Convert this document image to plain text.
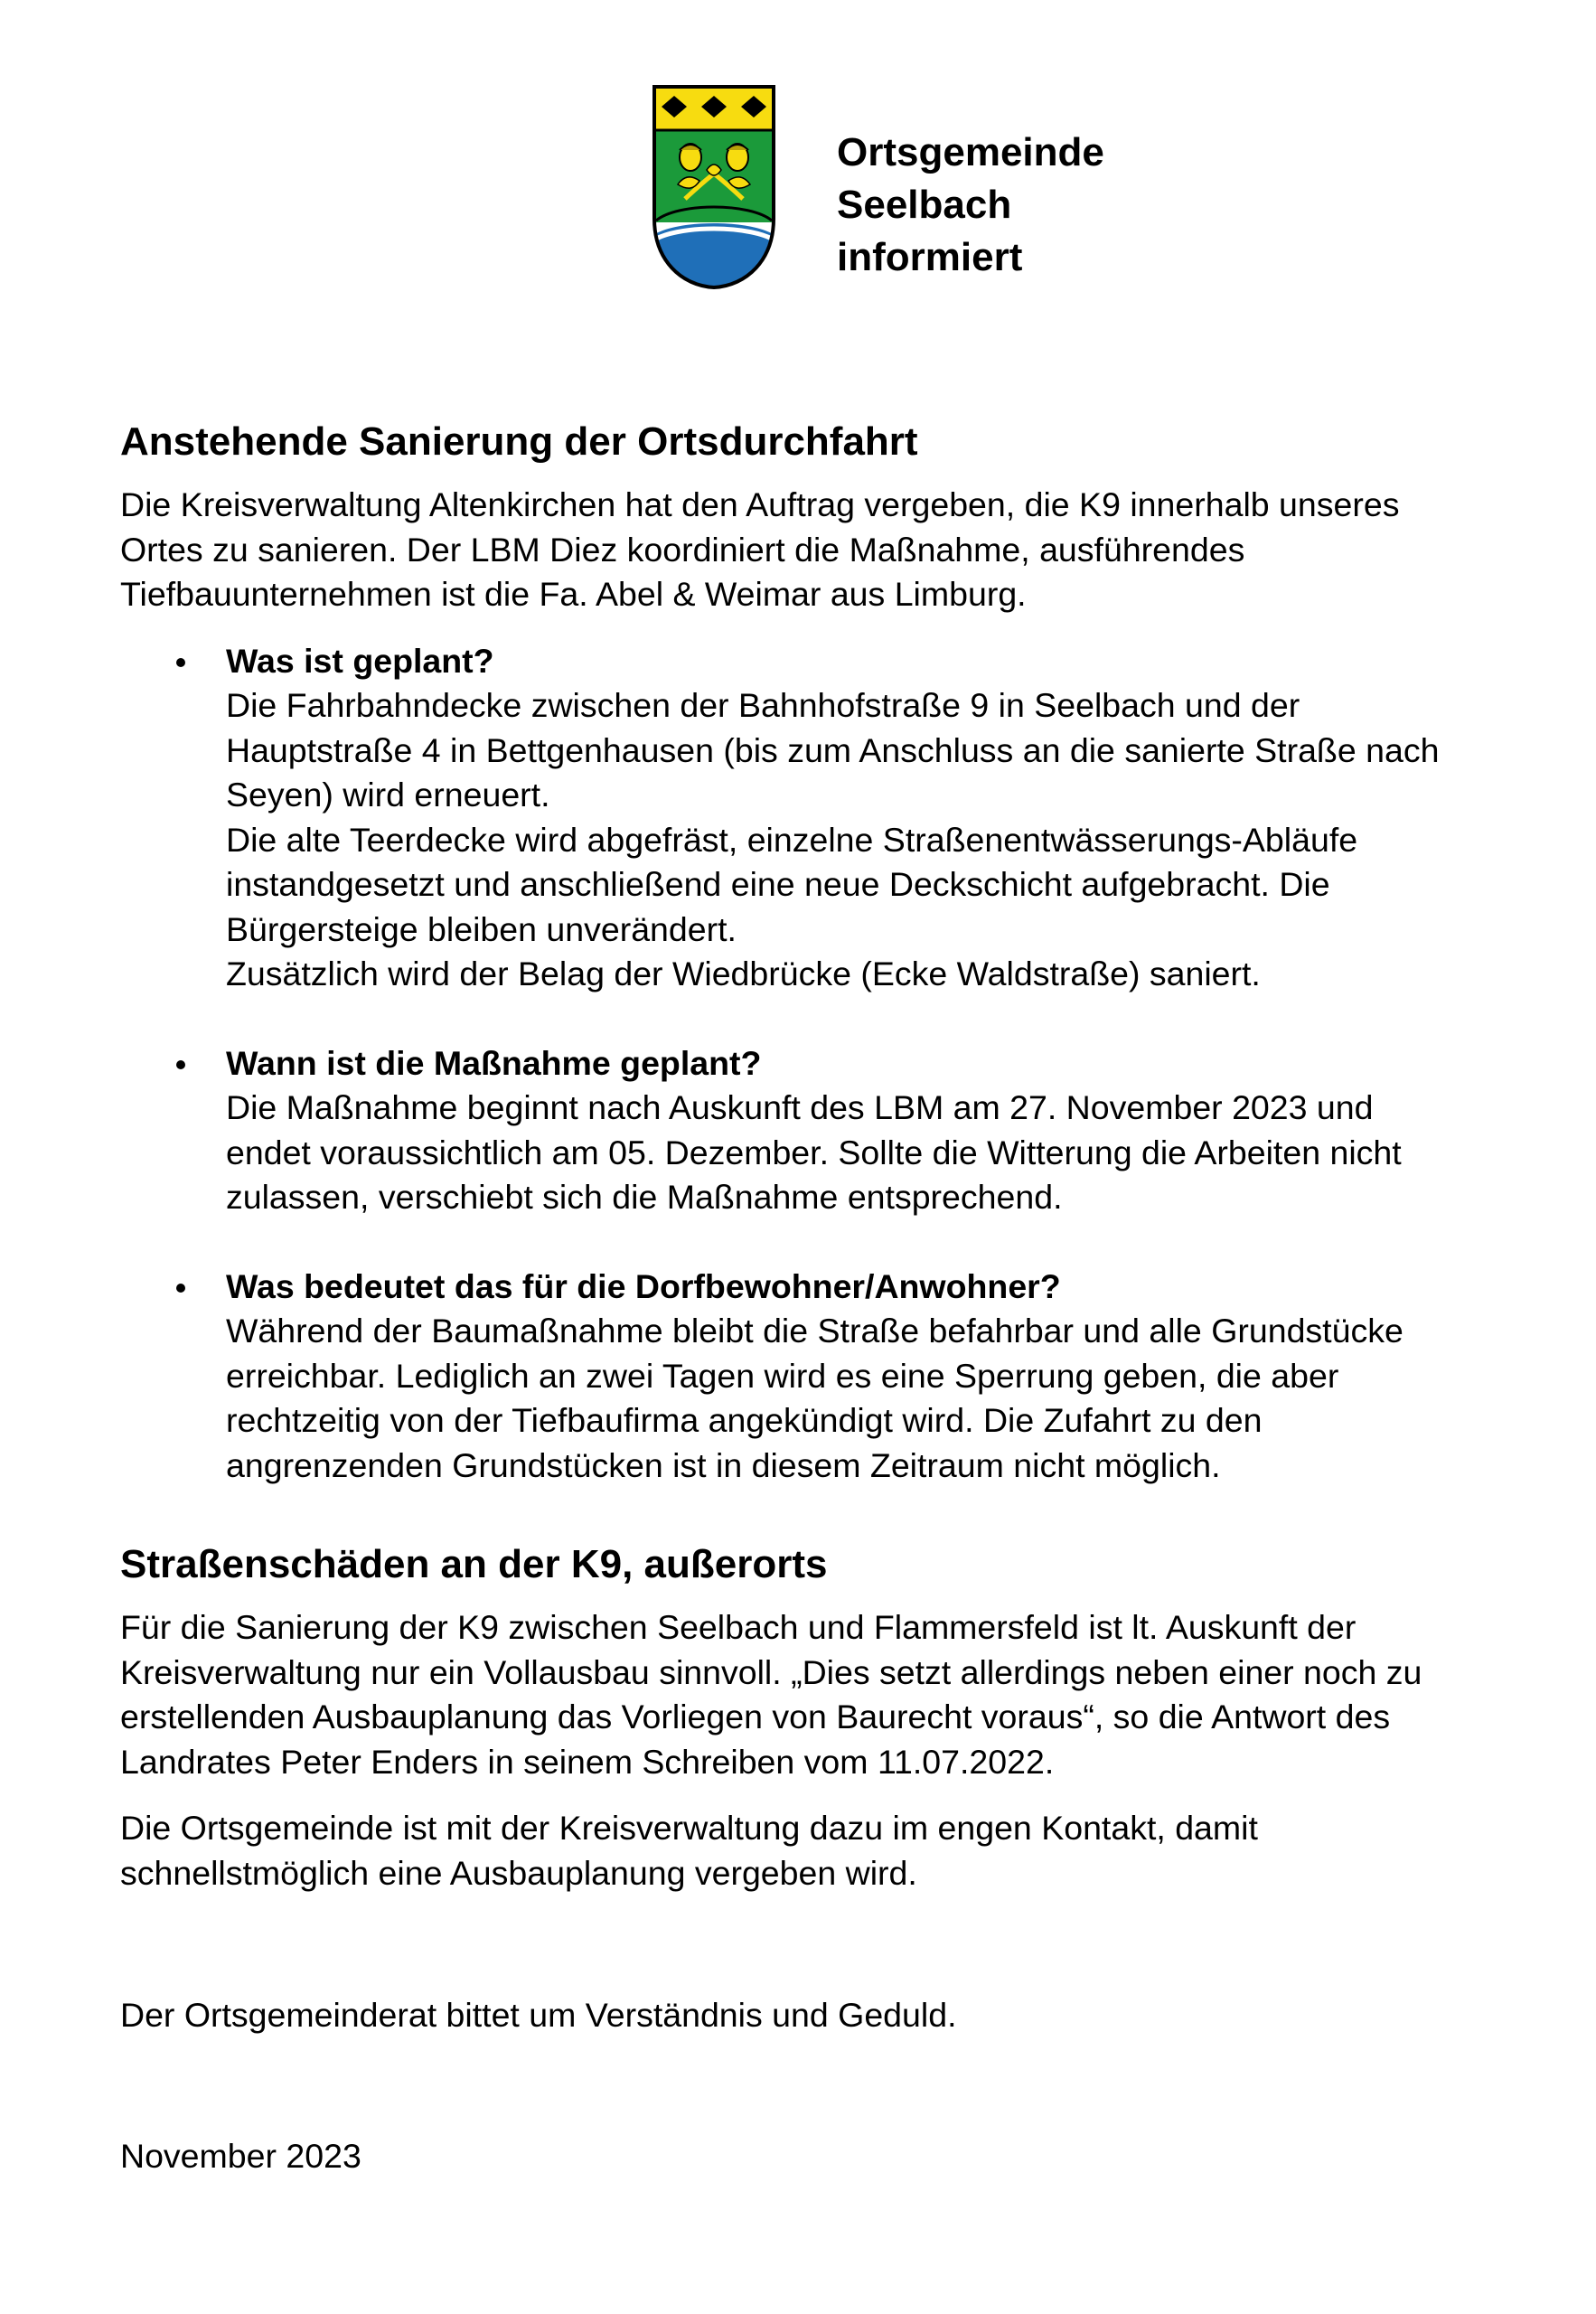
Ortsgemeinde
Seelbach
informiert
Anstehende Sanierung der Ortsdurchfahrt

Die Kreisverwaltung Altenkirchen hat den Auftrag vergeben, die K9 innerhalb unseres

Ortes zu sanieren. Der LBM Diez koordiniert die Maßnahme, ausführendes

Tiefbauunternehmen ist die Fa. Abel & Weimar aus Limburg.

Was ist geplant?
Die Fahrbahndecke zwischen der Bahnhofstraße 9 in Seelbach und der
Hauptstraße 4 in Bettgenhausen (bis zum Anschluss an die sanierte Straße nach
Seyen) wird erneuert.
Die alte Teerdecke wird abgefräst, einzelne Straßenentwässerungs-Abläufe
instandgesetzt und anschließend eine neue Deckschicht aufgebracht. Die
Bürgersteige bleiben unverändert.
Zusätzlich wird der Belag der Wiedbrücke (Ecke Waldstraße) saniert.
Wann ist die Maßnahme geplant?
Die Maßnahme beginnt nach Auskunft des LBM am 27. November 2023 und
endet voraussichtlich am 05. Dezember. Sollte die Witterung die Arbeiten nicht
zulassen, verschiebt sich die Maßnahme entsprechend.
Was bedeutet das für die Dorfbewohner/Anwohner?
Während der Baumaßnahme bleibt die Straße befahrbar und alle Grundstücke
erreichbar. Lediglich an zwei Tagen wird es eine Sperrung geben, die aber
rechtzeitig von der Tiefbaufirma angekündigt wird. Die Zufahrt zu den
angrenzenden Grundstücken ist in diesem Zeitraum nicht möglich.
Straßenschäden an der K9, außerorts

Für die Sanierung der K9 zwischen Seelbach und Flammersfeld ist lt. Auskunft der

Kreisverwaltung nur ein Vollausbau sinnvoll. „Dies setzt allerdings neben einer noch zu

erstellenden Ausbauplanung das Vorliegen von Baurecht voraus“, so die Antwort des

Landrates Peter Enders in seinem Schreiben vom 11.07.2022.

Die Ortsgemeinde ist mit der Kreisverwaltung dazu im engen Kontakt, damit

schnellstmöglich eine Ausbauplanung vergeben wird.

Der Ortsgemeinderat bittet um Verständnis und Geduld.

November 2023
